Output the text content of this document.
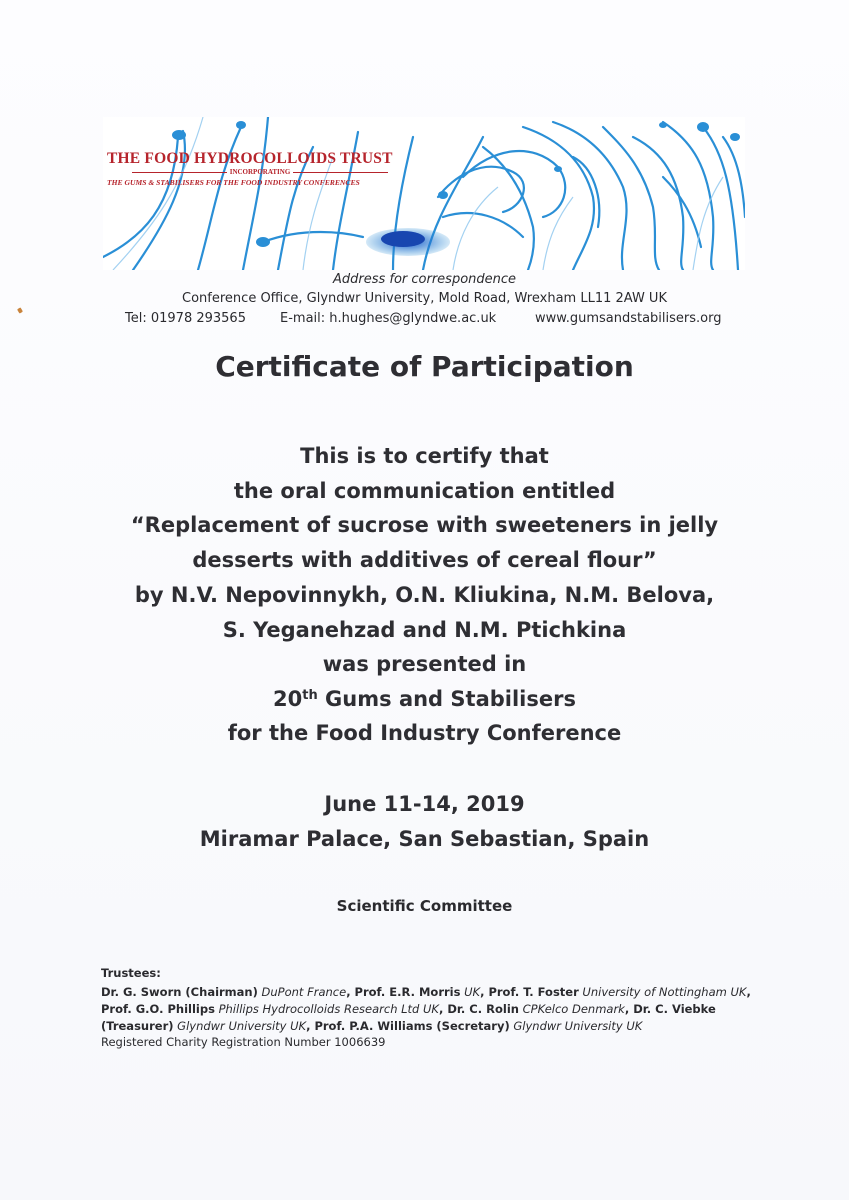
THE FOOD HYDROCOLLOIDS TRUST
INCORPORATING
THE GUMS & STABILISERS FOR THE FOOD INDUSTRY CONFERENCES
Address for correspondence
Conference Office, Glyndwr University, Mold Road, Wrexham LL11 2AW UK
Tel: 01978 293565	E-mail: h.hughes@glyndwe.ac.uk	www.gumsandstabilisers.org
Certificate of Participation
This is to certify that
the oral communication entitled
“Replacement of sucrose with sweeteners in jelly
desserts with additives of cereal flour”
by N.V. Nepovinnykh, O.N. Kliukina, N.M. Belova,
S. Yeganehzad and N.M. Ptichkina
was presented in
20th Gums and Stabilisers
for the Food Industry Conference
June 11-14, 2019
Miramar Palace, San Sebastian, Spain
Scientific Committee
Trustees:
Dr. G. Sworn (Chairman) DuPont France, Prof. E.R. Morris UK, Prof. T. Foster University of Nottingham UK, Prof. G.O. Phillips Phillips Hydrocolloids Research Ltd UK, Dr. C. Rolin CPKelco Denmark, Dr. C. Viebke (Treasurer) Glyndwr University UK, Prof. P.A. Williams (Secretary) Glyndwr University UK
Registered Charity Registration Number 1006639
